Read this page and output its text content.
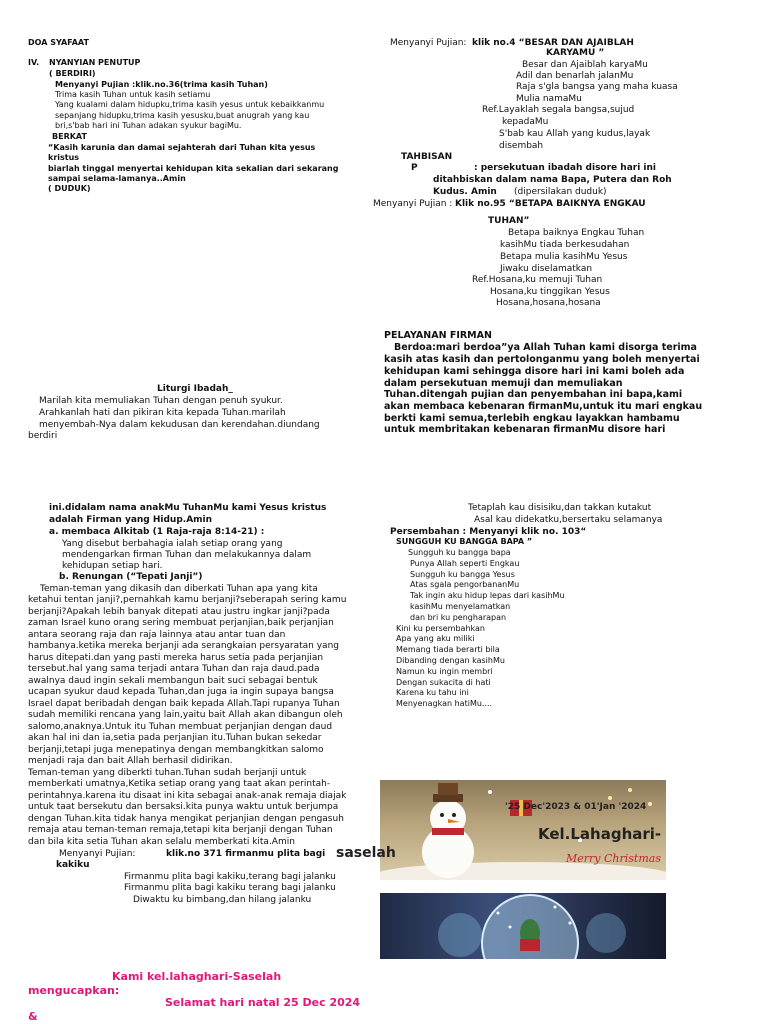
DOA SYAFAAT
IV. NYANYIAN PENUTUP
( BERDIRI)
Menyanyi Pujian :klik.no.36(trima kasih Tuhan)
Trima kasih Tuhan untuk kasih setiamu
Yang kualami dalam hidupku,trima kasih yesus untuk kebaikkanmu
sepanjang hidupku,trima kasih yesusku,buat anugrah yang kau
bri,s'bab hari ini Tuhan adakan syukur bagiMu.
BERKAT
“Kasih karunia dan damai sejahterah dari Tuhan kita yesus
kristus
biarlah tinggal menyertai kehidupan kita sekalian dari sekarang
sampai selama-lamanya..Amin
( DUDUK)
Menyanyi Pujian: klik no.4 “BESAR DAN AJAIBLAH
KARYAMU ”
Besar dan Ajaiblah karyaMu
Adil dan benarlah jalanMu
Raja s'gla bangsa yang maha kuasa
Mulia namaMu
Ref.Layaklah segala bangsa,sujud
kepadaMu
S'bab kau Allah yang kudus,layak
disembah
TAHBISAN
P	: persekutuan ibadah disore hari ini
ditahbiskan dalam nama Bapa, Putera dan Roh
Kudus. Amin (dipersilakan duduk)
Menyanyi Pujian : Klik no.95 “BETAPA BAIKNYA ENGKAU
TUHAN”
Betapa baiknya Engkau Tuhan
kasihMu tiada berkesudahan
Betapa mulia kasihMu Yesus
Jiwaku diselamatkan
Ref.Hosana,ku memuji Tuhan
Hosana,ku tinggikan Yesus
Hosana,hosana,hosana
PELAYANAN FIRMAN
Berdoa:mari berdoa”ya Allah Tuhan kami disorga terima
kasih atas kasih dan pertolonganmu yang boleh menyertai
kehidupan kami sehingga disore hari ini kami boleh ada
dalam persekutuan memuji dan memuliakan
Tuhan.ditengah pujian dan penyembahan ini bapa,kami
akan membaca kebenaran firmanMu,untuk itu mari engkau
berkti kami semua,terlebih engkau layakkan hambamu
untuk membritakan kebenaran firmanMu disore hari
Liturgi Ibadah_
Marilah kita memuliakan Tuhan dengan penuh syukur.
Arahkanlah hati dan pikiran kita kepada Tuhan.marilah
menyembah-Nya dalam kekudusan dan kerendahan.diundang
berdiri
ini.didalam nama anakMu TuhanMu kami Yesus kristus
adalah Firman yang Hidup.Amin
a. membaca Alkitab (1 Raja-raja 8:14-21) :
Yang disebut berbahagia ialah setiap orang yang
mendengarkan firman Tuhan dan melakukannya dalam
kehidupan setiap hari.
b. Renungan (“Tepati Janji”)
Teman-teman yang dikasih dan diberkati Tuhan apa yang kita
ketahui tentan janji?,pernahkah kamu berjanji?seberapah sering kamu
berjanji?Apakah lebih banyak ditepati atau justru ingkar janji?pada
zaman Israel kuno orang sering membuat perjanjian,baik perjanjian
antara seorang raja dan raja lainnya atau antar tuan dan
hambanya.ketika mereka berjanji ada serangkaian persyaratan yang
harus ditepati.dan yang pasti mereka harus setia pada perjanjian
tersebut.hal yang sama terjadi antara Tuhan dan raja daud.pada
awalnya daud ingin sekali membangun bait suci sebagai bentuk
ucapan syukur daud kepada Tuhan,dan juga ia ingin supaya bangsa
Israel dapat beribadah dengan baik kepada Allah.Tapi rupanya Tuhan
sudah memiliki rencana yang lain,yaitu bait Allah akan dibangun oleh
salomo,anaknya.Untuk itu Tuhan membuat perjanjian dengan daud
akan hal ini dan ia,setia pada perjanjian itu.Tuhan bukan sekedar
berjanji,tetapi juga menepatinya dengan membangkitkan salomo
menjadi raja dan bait Allah berhasil didirikan.
Teman-teman yang diberkti tuhan.Tuhan sudah berjanji untuk
memberkati umatnya,Ketika setiap orang yang taat akan perintah-
perintahnya.karena itu disaat ini kita sebagai anak-anak remaja diajak
untuk taat bersekutu dan bersaksi.kita punya waktu untuk berjumpa
dengan Tuhan.kita tidak hanya mengikat perjanjian dengan pengasuh
remaja atau teman-teman remaja,tetapi kita berjanji dengan Tuhan
dan bila kita setia Tuhan akan selalu memberkati kita.Amin
Menyanyi Pujian:	klik.no 371 firmanmu plita bagi
kakiku
Firmanmu plita bagi kakiku,terang bagi jalanku
Firmanmu plita bagi kakiku terang bagi jalanku
Diwaktu ku bimbang,dan hilang jalanku
Kami kel.lahaghari-Saselah
mengucapkan:
Selamat hari natal 25 Dec 2024
&
Tetaplah kau disisiku,dan takkan kutakut
Asal kau didekatku,bersertaku selamanya
Persembahan : Menyanyi klik no. 103“
SUNGGUH KU BANGGA BAPA ”
Sungguh ku bangga bapa
Punya Allah seperti Engkau
Sungguh ku bangga Yesus
Atas sgala pengorbananMu
Tak ingin aku hidup lepas dari kasihMu
kasihMu menyelamatkan
dan bri ku pengharapan
Kini ku persembahkan
Apa yang aku miliki
Memang tiada berarti bila
Dibanding dengan kasihMu
Namun ku ingin membri
Dengan sukacita di hati
Karena ku tahu ini
Menyenagkan hatiMu....
'25 Dec'2023 & 01'Jan '2024
Kel.Lahaghari-
Merry Christmas
saselah
